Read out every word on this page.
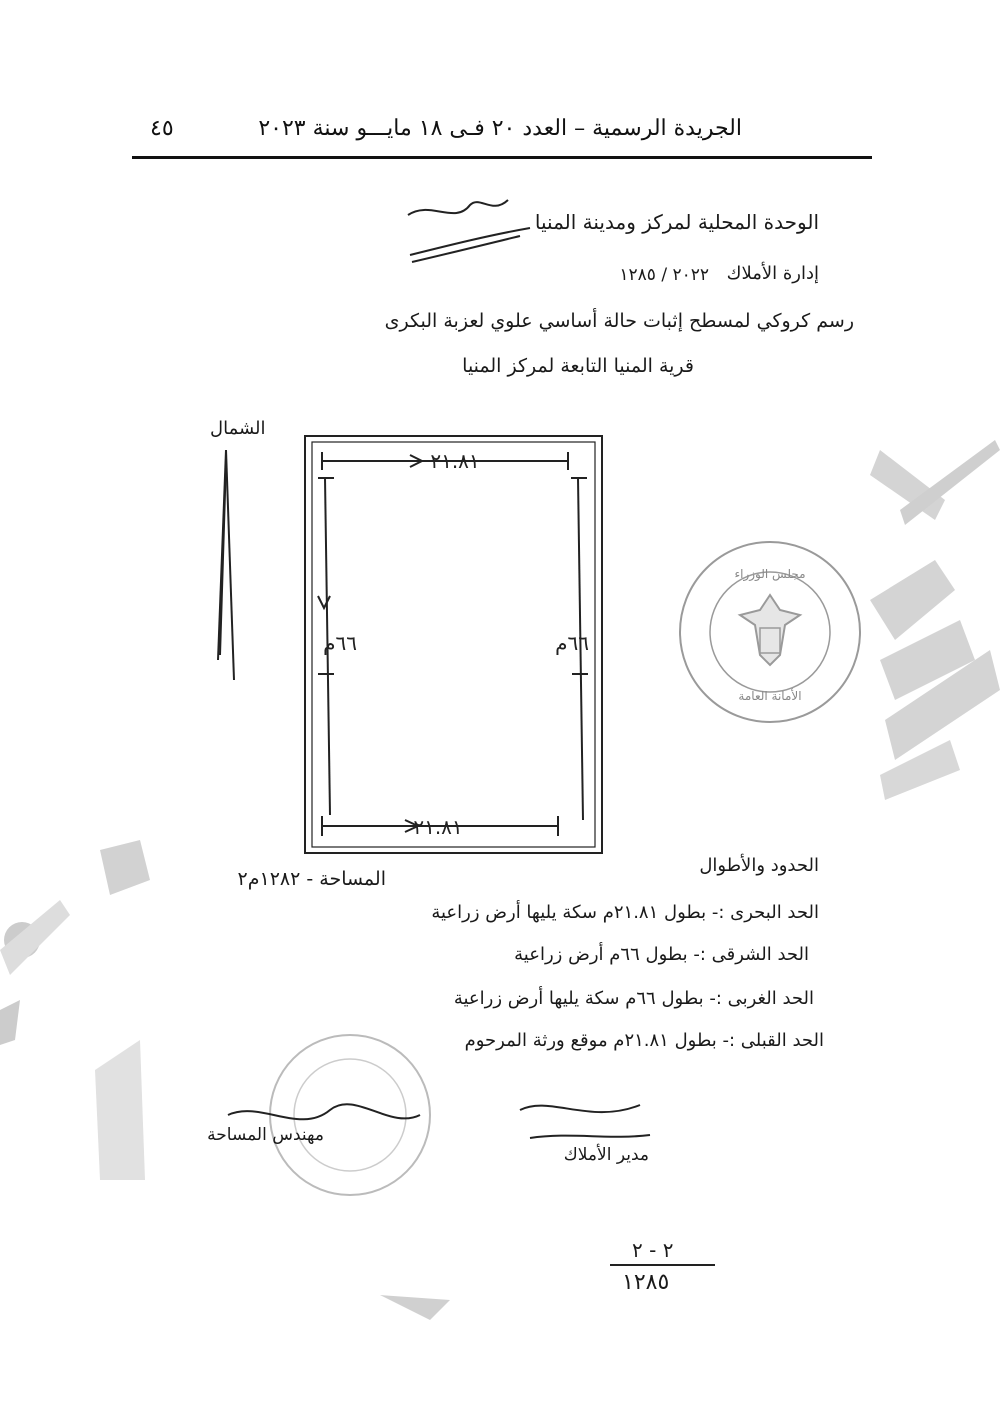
٤٥	الجريدة الرسمية – العدد ٢٠ فـى ١٨ مايـــو سنة ٢٠٢٣
مجلس الوزراء
الأمانة العامة
٢١.٨١
٢١.٨١
٦٦م	٦٦م
الوحدة المحلية لمركز ومدينة المنيا
٢٠٢٢ / ١٢٨٥ إدارة الأملاك
رسم كروكي لمسطح إثبات حالة أساسي علوي لعزبة البكرى
قرية المنيا التابعة لمركز المنيا
الشمال
المساحة - ١٢٨٢م٢
الحدود والأطوال
الحد البحرى :- بطول ٢١.٨١م سكة يليها أرض زراعية
الحد الشرقى :- بطول ٦٦م أرض زراعية
الحد الغربى :- بطول ٦٦م سكة يليها أرض زراعية
الحد القبلى :- بطول ٢١.٨١م موقع ورثة المرحوم
مهندس المساحة
مدير الأملاك
٢ - ٢
١٢٨٥
